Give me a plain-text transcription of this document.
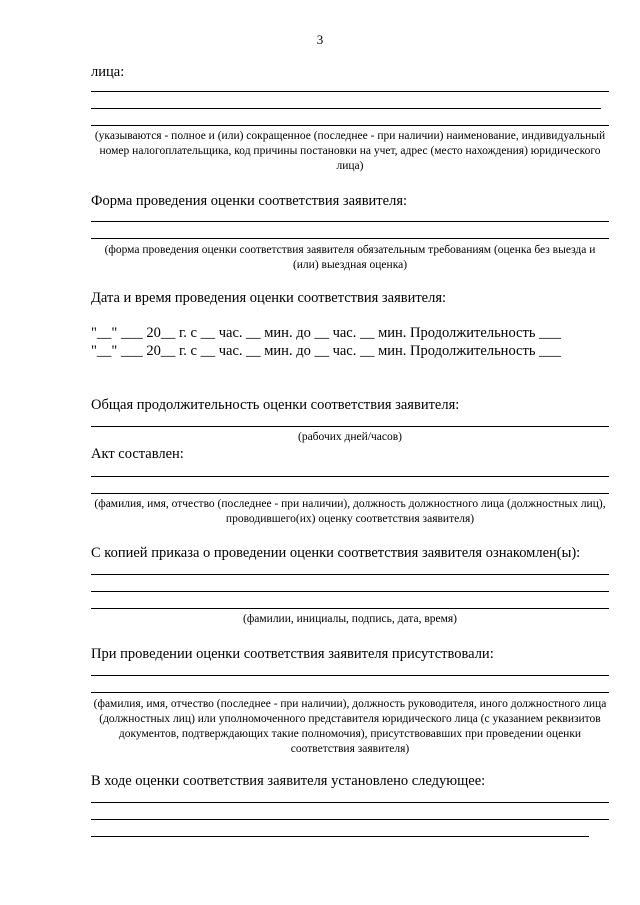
3
лица:
(указываются - полное и (или) сокращенное (последнее - при наличии) наименование, индивидуальный номер налогоплательщика, код причины постановки на учет, адрес (место нахождения) юридического лица)
Форма проведения оценки соответствия заявителя:
(форма проведения оценки соответствия заявителя обязательным требованиям (оценка без выезда и (или) выездная оценка)
Дата и время проведения оценки соответствия заявителя:
"__" ___ 20__ г. с __ час. __ мин. до __ час. __ мин. Продолжительность ___
"__" ___ 20__ г. с __ час. __ мин. до __ час. __ мин. Продолжительность ___
Общая продолжительность оценки соответствия заявителя:
(рабочих дней/часов)
Акт составлен:
(фамилия, имя, отчество (последнее - при наличии), должность должностного лица (должностных лиц), проводившего(их) оценку соответствия заявителя)
С копией приказа о проведении оценки соответствия заявителя ознакомлен(ы):
(фамилии, инициалы, подпись, дата, время)
При проведении оценки соответствия заявителя присутствовали:
(фамилия, имя, отчество (последнее - при наличии), должность руководителя, иного должностного лица (должностных лиц) или уполномоченного представителя юридического лица (с указанием реквизитов документов, подтверждающих такие полномочия), присутствовавших при проведении оценки соответствия заявителя)
В ходе оценки соответствия заявителя установлено следующее:
